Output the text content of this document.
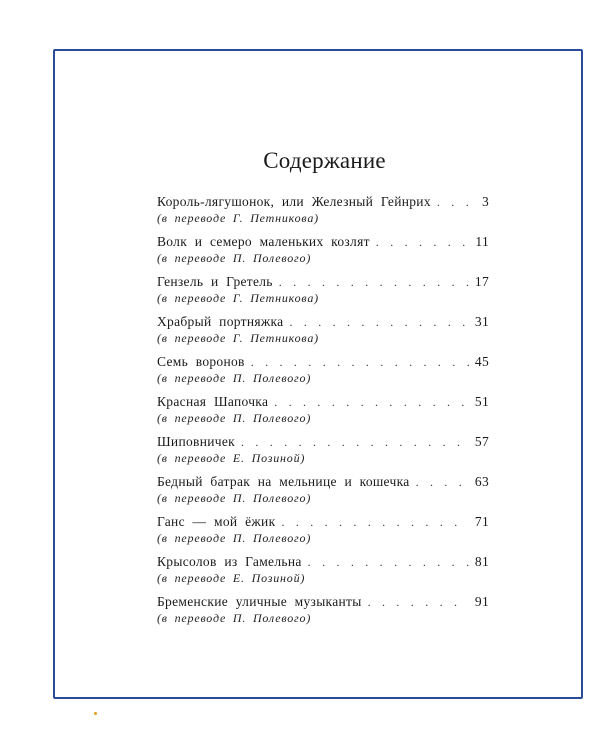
Содержание
Король-лягушонок, или Железный Гейнрих . . .	3
(в переводе Г. Петникова)
Волк и семеро маленьких козлят . . .	11
(в переводе П. Полевого)
Гензель и Гретель . . .	17
(в переводе Г. Петникова)
Храбрый портняжка . . .	31
(в переводе Г. Петникова)
Семь воронов . . .	45
(в переводе П. Полевого)
Красная Шапочка . . .	51
(в переводе П. Полевого)
Шиповничек . . .	57
(в переводе Е. Позиной)
Бедный батрак на мельнице и кошечка . . .	63
(в переводе П. Полевого)
Ганс — мой ёжик . . .	71
(в переводе П. Полевого)
Крысолов из Гамельна . . .	81
(в переводе Е. Позиной)
Бременские уличные музыканты . . .	91
(в переводе П. Полевого)
